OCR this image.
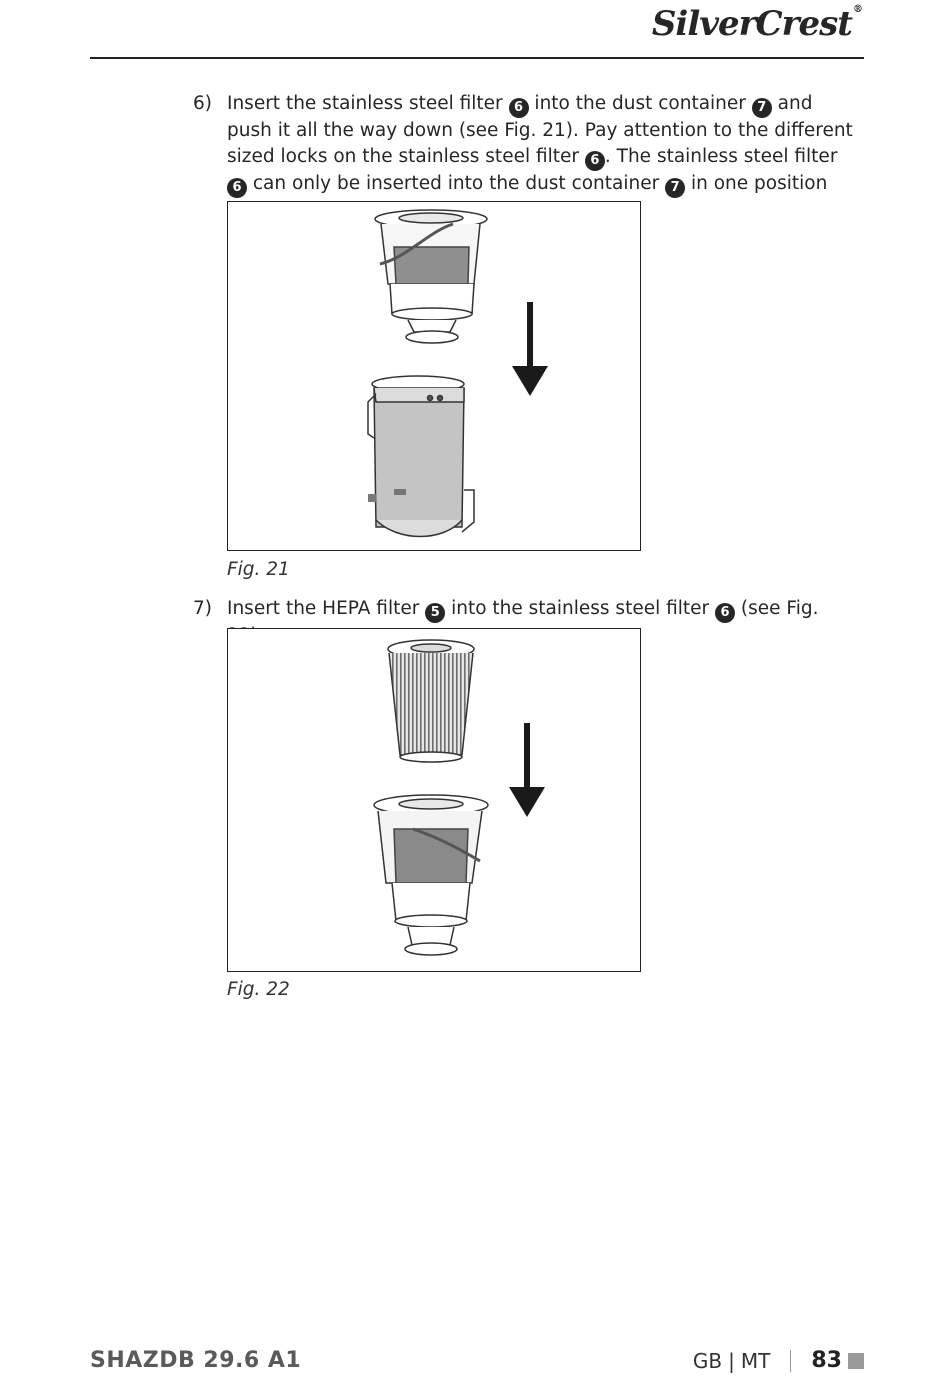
SilverCrest®
6) Insert the stainless steel filter 6 into the dust container 7 and push it all the way down (see Fig. 21). Pay attention to the different sized locks on the stainless steel filter 6 . The stainless steel filter 6 can only be inserted into the dust container 7 in one position
Fig. 21
7) Insert the HEPA filter 5 into the stainless steel filter 6 (see Fig.
Fig. 22
SHAZDB 29.6 A1	GB | MT 83
